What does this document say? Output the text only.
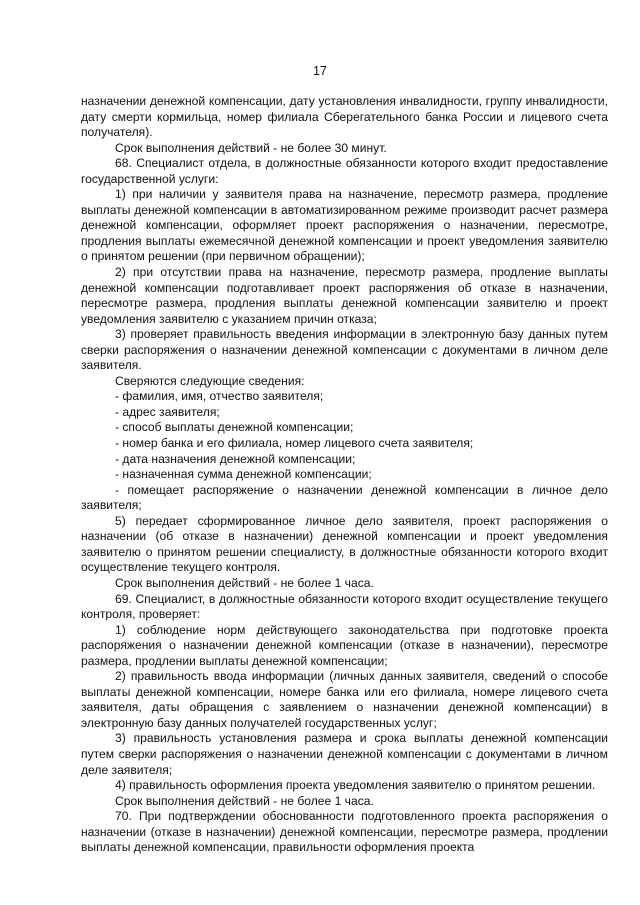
17

назначении денежной компенсации, дату установления инвалидности, группу инвалидности, дату смерти кормильца, номер филиала Сберегательного банка России и лицевого счета получателя).

Срок выполнения действий - не более 30 минут.

68. Специалист отдела, в должностные обязанности которого входит предоставление государственной услуги:

1) при наличии у заявителя права на назначение, пересмотр размера, продление выплаты денежной компенсации в автоматизированном режиме производит расчет размера денежной компенсации, оформляет проект распоряжения о назначении, пересмотре, продления выплаты ежемесячной денежной компенсации и проект уведомления заявителю о принятом решении (при первичном обращении);

2) при отсутствии права на назначение, пересмотр размера, продление выплаты денежной компенсации подготавливает проект распоряжения об отказе в назначении, пересмотре размера, продления выплаты денежной компенсации заявителю и проект уведомления заявителю с указанием причин отказа;

3) проверяет правильность введения информации в электронную базу данных путем сверки распоряжения о назначении денежной компенсации с документами в личном деле заявителя.

Сверяются следующие сведения:

- фамилия, имя, отчество заявителя;

- адрес заявителя;

- способ выплаты денежной компенсации;

- номер банка и его филиала, номер лицевого счета заявителя;

- дата назначения денежной компенсации;

- назначенная сумма денежной компенсации;

- помещает распоряжение о назначении денежной компенсации в личное дело заявителя;

5) передает сформированное личное дело заявителя, проект распоряжения о назначении (об отказе в назначении) денежной компенсации и проект уведомления заявителю о принятом решении специалисту, в должностные обязанности которого входит осуществление текущего контроля.

Срок выполнения действий - не более 1 часа.

69. Специалист, в должностные обязанности которого входит осуществление текущего контроля, проверяет:

1) соблюдение норм действующего законодательства при подготовке проекта распоряжения о назначении денежной компенсации (отказе в назначении), пересмотре размера, продлении выплаты денежной компенсации;

2) правильность ввода информации (личных данных заявителя, сведений о способе выплаты денежной компенсации, номере банка или его филиала, номере лицевого счета заявителя, даты обращения с заявлением о назначении денежной компенсации) в электронную базу данных получателей государственных услуг;

3) правильность установления размера и срока выплаты денежной компенсации путем сверки распоряжения о назначении денежной компенсации с документами в личном деле заявителя;

4) правильность оформления проекта уведомления заявителю о принятом решении.

Срок выполнения действий - не более 1 часа.

70. При подтверждении обоснованности подготовленного проекта распоряжения о назначении (отказе в назначении) денежной компенсации, пересмотре размера, продлении выплаты денежной компенсации, правильности оформления проекта
